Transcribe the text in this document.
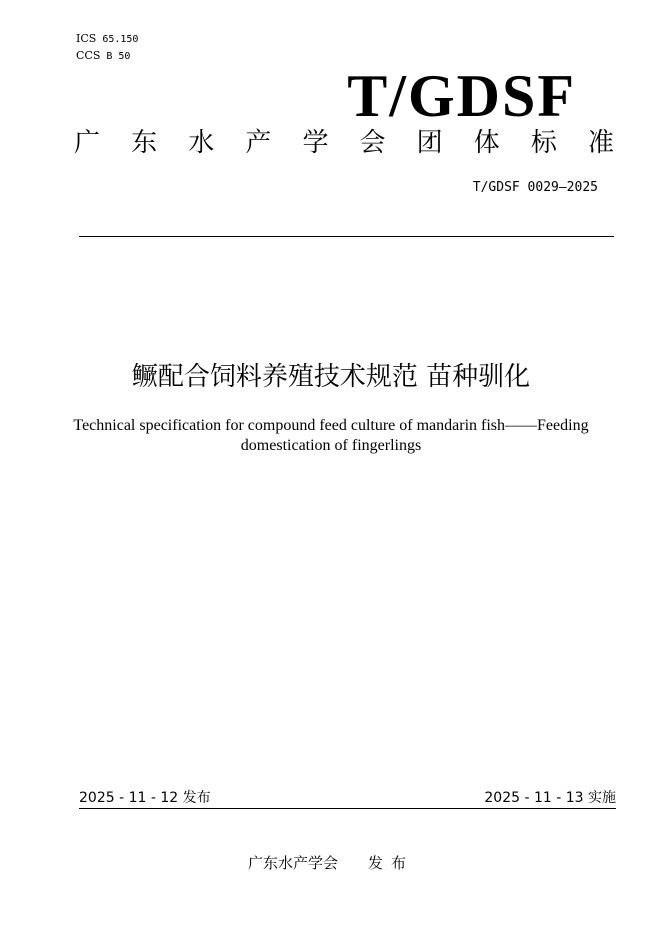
ICS 65.150
CCS B 50
T/GDSF
广 东 水 产 学 会 团 体 标 准
T/GDSF 0029—2025
鳜配合饲料养殖技术规范 苗种驯化
Technical specification for compound feed culture of mandarin fish——Feeding domestication of fingerlings
2025 - 11 - 12 发布	2025 - 11 - 13 实施
广东水产学会 发布
